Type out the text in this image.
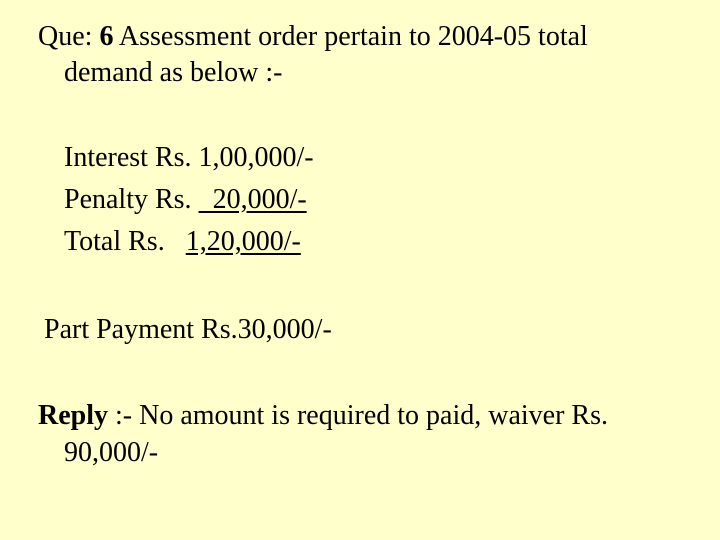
Que: 6 Assessment order pertain to 2004-05 total

demand as below :-

Interest Rs. 1,00,000/-

Penalty Rs.   20,000/-

Total Rs.   1,20,000/-

Part Payment Rs.30,000/-

Reply :- No amount is required to paid, waiver Rs.

90,000/-
